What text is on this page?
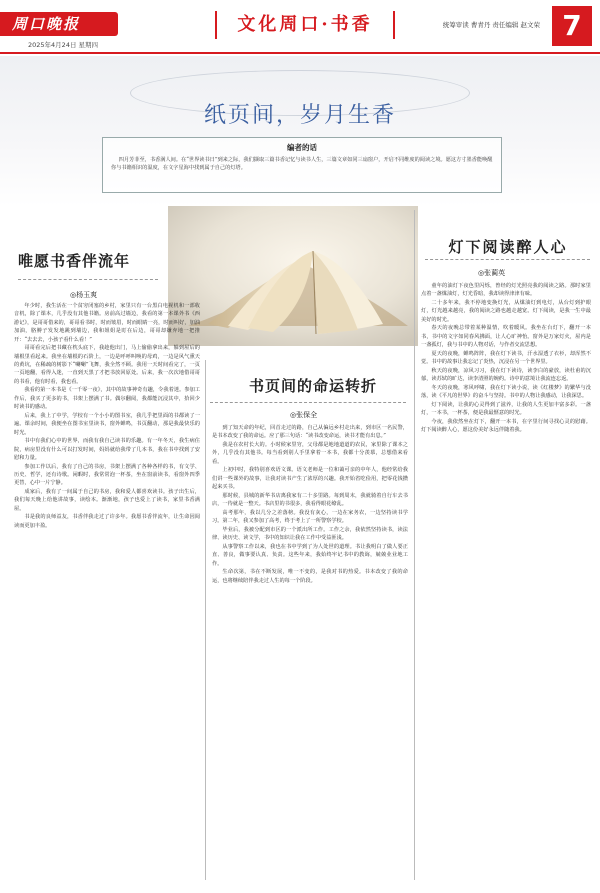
周口晚报
2025年4月24日 星期四
文化周口·书香	统筹审读 曹青丹 责任编辑 赵文荣 7
纸页间，岁月生香
编者的话
四月芳菲至，书香满人间。在“世界读书日”到来之际，我们撷取三篇书香记忆与读书人生，三篇文章如同三扇窗户，开启不同维度的阅读之境。愿这方寸墨香能唤醒你与书籍相识的温度，在文字星海中找到属于自己的灯塔。
唯愿书香伴流年
◎杨玉爽

年少时，我生活在一个贫穷闭塞的乡村，家里只有一台黑白电视机和一部收音机，除了课本，几乎没有其他书籍。房前高过墙边，我看的第一本课外书《西游记》，是哥哥借来的，哥哥看书时，时而皱眉，时而眼睛一亮，时而叫好，加油加油，胳膊子发发地跳到墙边，我和姐姐是盯在后边，哥哥却嫌弃地一把推开：“去去去，小孩子看什么看！”

哥哥看完后把书藏在枕头底下，我趁他出门，马上偷偷拿出来，躲到屋后的墙根里看起来。我坐在墙根的石阶上，一边是呼呼叫唤的母鸡，一边是风气熏天的黄坑，在稀疏的树影下“唰唰”飞舞，我全然不顾。我用一天时间看完了，一页一页地翻，看得入迷，一直到天黑了才把书放回原处。后来，我一次次地借哥哥的书看，他有时看，我也看。

我看的第一本书是《一千零一夜》，其中的故事神奇有趣，令我着迷。参加工作后，我买了更多的书，书架上摆满了书。偶尔翻阅，我都能沉浸其中，拾回少时读书的感动。

后来，我上了中学，学校有一个小小的图书室，我几乎把里面的书都读了一遍。课余时间，我便坐在图书室里读书，窗外蝉鸣，书页翻动，那是我最快乐的时光。

书中有我们心中的世界，而我有我自己读书的乐趣。有一年冬天，我生病住院，病房里没有什么可以打发时间，妈妈就给我带了几本书，我在书中找到了安慰和力量。

参加工作以后，我有了自己的书房，书架上摆满了各种各样的书，有文学、历史、哲学，还有诗歌。闲暇时，我常常泡一杯茶，坐在窗前读书，看窗外四季更替，心中一片宁静。

成家后，我有了一间属于自己的书房，我和爱人都喜欢读书。孩子出生后，我们每天晚上给他讲故事，读绘本。渐渐地，孩子也爱上了读书，家里书香满屋。

书是我的良师益友，书香伴我走过了许多年。我愿书香伴流年，让生命因阅读而更加丰盈。

书页间的命运转折
◎张保全

到了知天命的年纪，回首走过的路，自己从偏远乡村走出来，到市区一名民警，是书本改变了我的命运。应了那三句话：“读书改变命运，读书才能有出息。”

我是在农村长大的。小时候家里穷，父母都是地地道道的农民，家里除了课本之外，几乎没有其他书。每当看到别人手里拿着一本书，我都十分羡慕，总想借来看看。

上初中时，我特别喜欢语文课。语文老师是一位和蔼可亲的中年人，他经常给我们讲一些课外的故事，让我对读书产生了浓厚的兴趣。我开始省吃俭用，把零花钱攒起来买书。

那时候，县城的新华书店离我家有二十多里路。每到周末，我就骑着自行车去书店，一待就是一整天。书店里的书很多，我看得眼花缭乱。

高考那年，我以几分之差落榜。我没有灰心，一边在家务农，一边坚持读书学习。第二年，我又参加了高考，终于考上了一所警察学校。

毕业后，我被分配到市区的一个派出所工作。工作之余，我依然坚持读书，读法律、读历史、读文学，书中的知识让我在工作中受益匪浅。

从事警察工作以来，我也在书中学到了为人处世的道理。书让我明白了做人要正直、善良，做事要认真、负责。这些年来，我始终牢记书中的教诲，兢兢业业地工作。

生命次第，书在不断发展，唯一不变的，是我对书的热爱。书本改变了我的命运，也将继续陪伴我走过人生的每一个阶段。

灯下阅读醉人心
◎张蔺英

童年的油灯下夜色里闪烁，曾经的灯光照亮我的阅读之路。那时家里点着一盏煤油灯，灯光昏暗，我却读得津津有味。

二十多年来，我不停地变换灯光，从煤油灯到电灯，从台灯到护眼灯，灯光越来越亮，我的阅读之路也越走越宽。灯下阅读，是我一生中最美好的时光。

春天的夜晚总带着某种温情，吹着暖风。我坐在台灯下，翻开一本书，书中的文字如同春风拂面，让人心旷神怡。窗外是万家灯火，屋内是一盏孤灯，我与书中的人物对话，与作者交流思想。

夏天的夜晚，蝉鸣阵阵，我在灯下读书，汗水湿透了衣衫，却浑然不觉。书中的故事让我忘记了炎热，沉浸在另一个世界里。

秋天的夜晚，凉风习习，我在灯下读诗，读李白的豪放，读杜甫的沉郁，读苏轼的旷达，读李清照的婉约。诗中的意境让我流连忘返。

冬天的夜晚，寒风呼啸，我在灯下读小说，读《红楼梦》的繁华与没落，读《平凡的世界》的奋斗与坚持。书中的人物让我感动，让我深思。

灯下阅读，让我的心灵得到了滋养，让我的人生更加丰富多彩。一盏灯，一本书，一杯茶，便是我最惬意的时光。

今夜，我依然坐在灯下，翻开一本书，在字里行间寻找心灵的慰藉。灯下阅读醉人心，愿这份美好永远伴随着我。
